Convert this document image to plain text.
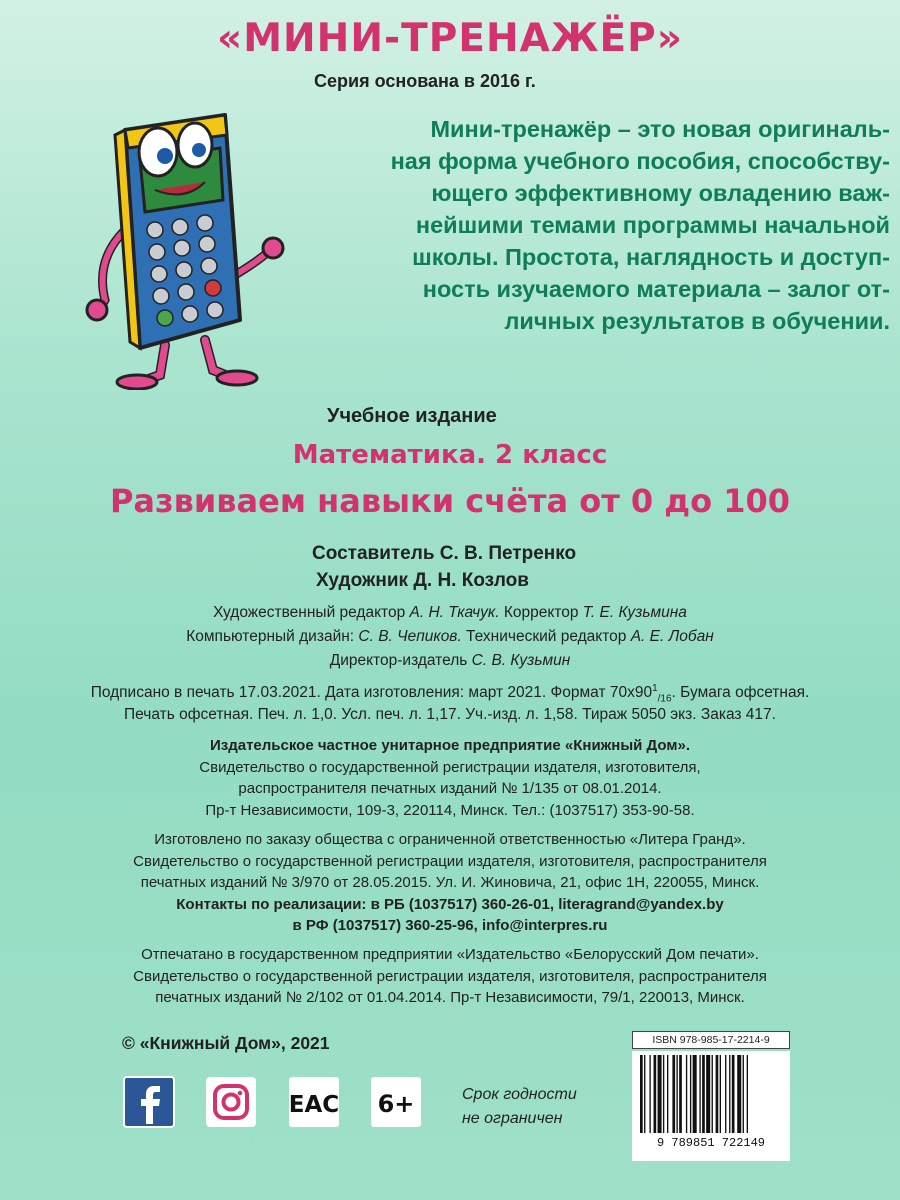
«МИНИ-ТРЕНАЖЁР»
Серия основана в 2016 г.
Мини-тренажёр – это новая оригиналь-
ная форма учебного пособия, способству-
ющего эффективному овладению важ-
нейшими темами программы начальной
школы. Простота, наглядность и доступ-
ность изучаемого материала – залог от-
личных результатов в обучении.
Учебное издание
Математика. 2 класс
Развиваем навыки счёта от 0 до 100
Составитель С. В. Петренко
Художник Д. Н. Козлов
Художественный редактор А. Н. Ткачук. Корректор Т. Е. Кузьмина
Компьютерный дизайн: С. В. Чепиков. Технический редактор А. Е. Лобан
Директор-издатель С. В. Кузьмин
Подписано в печать 17.03.2021. Дата изготовления: март 2021. Формат $70х90^1_{/16}$. Бумага офсетная.
Печать офсетная. Печ. л. 1,0. Усл. печ. л. 1,17. Уч.-изд. л. 1,58. Тираж 5050 экз. Заказ 417.
Издательское частное унитарное предприятие «Книжный Дом».
Свидетельство о государственной регистрации издателя, изготовителя,
распространителя печатных изданий № 1/135 от 08.01.2014.
Пр-т Независимости, 109-3, 220114, Минск. Тел.: (1037517) 353-90-58.
Изготовлено по заказу общества с ограниченной ответственностью «Литера Гранд».
Свидетельство о государственной регистрации издателя, изготовителя, распространителя
печатных изданий № 3/970 от 28.05.2015. Ул. И. Жиновича, 21, офис 1Н, 220055, Минск.
Контакты по реализации: в РБ (1037517) 360-26-01, literagrand@yandex.by
в РФ (1037517) 360-25-96, info@interpres.ru
Отпечатано в государственном предприятии «Издательство «Белорусский Дом печати».
Свидетельство о государственной регистрации издателя, изготовителя, распространителя
печатных изданий № 2/102 от 01.04.2014. Пр-т Независимости, 79/1, 220013, Минск.
© «Книжный Дом», 2021
EAC 6+	Срок годности
не ограничен
ISBN 978-985-17-2214-9
9 789851 722149
